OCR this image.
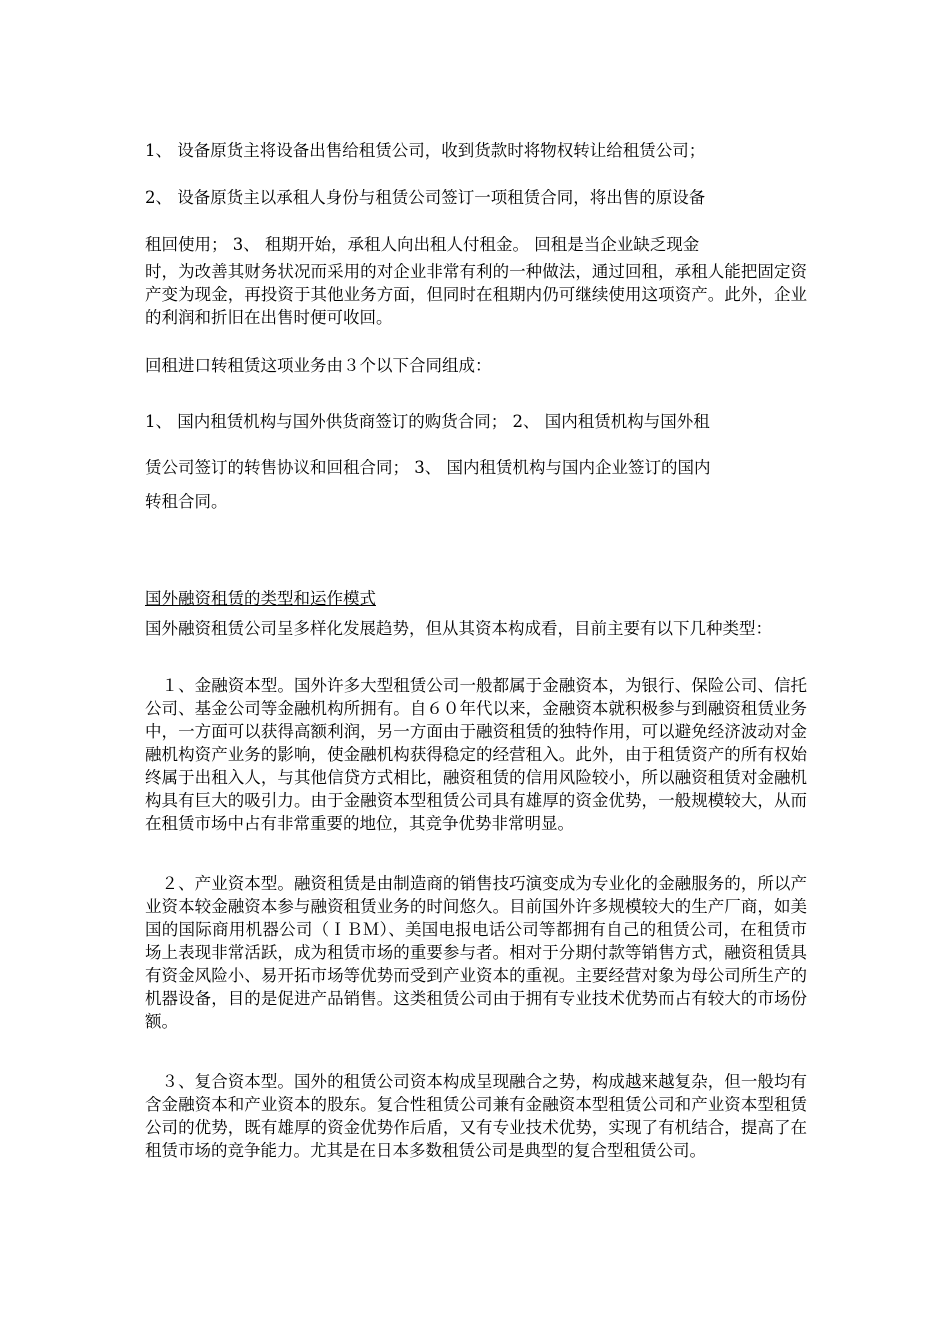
1、 设备原货主将设备出售给租赁公司，收到货款时将物权转让给租赁公司；

2、 设备原货主以承租人身份与租赁公司签订一项租赁合同，将出售的原设备

租回使用； 3、 租期开始，承租人向出租人付租金。 回租是当企业缺乏现金

时，为改善其财务状况而采用的对企业非常有利的一种做法，通过回租，承租人能把固定资产变为现金，再投资于其他业务方面，但同时在租期内仍可继续使用这项资产。此外，企业的利润和折旧在出售时便可收回。

回租进口转租赁这项业务由３个以下合同组成：

1、 国内租赁机构与国外供货商签订的购货合同； 2、 国内租赁机构与国外租

赁公司签订的转售协议和回租合同； 3、 国内租赁机构与国内企业签订的国内

转租合同。

国外融资租赁的类型和运作模式

国外融资租赁公司呈多样化发展趋势，但从其资本构成看，目前主要有以下几种类型：

　１、金融资本型。国外许多大型租赁公司一般都属于金融资本，为银行、保险公司、信托公司、基金公司等金融机构所拥有。自６０年代以来，金融资本就积极参与到融资租赁业务中，一方面可以获得高额利润，另一方面由于融资租赁的独特作用，可以避免经济波动对金融机构资产业务的影响，使金融机构获得稳定的经营租入。此外，由于租赁资产的所有权始终属于出租入人，与其他信贷方式相比，融资租赁的信用风险较小，所以融资租赁对金融机构具有巨大的吸引力。由于金融资本型租赁公司具有雄厚的资金优势，一般规模较大，从而在租赁市场中占有非常重要的地位，其竞争优势非常明显。

　２、产业资本型。融资租赁是由制造商的销售技巧演变成为专业化的金融服务的，所以产业资本较金融资本参与融资租赁业务的时间悠久。目前国外许多规模较大的生产厂商，如美国的国际商用机器公司（ＩＢＭ）、美国电报电话公司等都拥有自己的租赁公司，在租赁市场上表现非常活跃，成为租赁市场的重要参与者。相对于分期付款等销售方式，融资租赁具有资金风险小、易开拓市场等优势而受到产业资本的重视。主要经营对象为母公司所生产的机器设备，目的是促进产品销售。这类租赁公司由于拥有专业技术优势而占有较大的市场份额。

　３、复合资本型。国外的租赁公司资本构成呈现融合之势，构成越来越复杂，但一般均有含金融资本和产业资本的股东。复合性租赁公司兼有金融资本型租赁公司和产业资本型租赁公司的优势，既有雄厚的资金优势作后盾，又有专业技术优势，实现了有机结合，提高了在租赁市场的竞争能力。尤其是在日本多数租赁公司是典型的复合型租赁公司。
